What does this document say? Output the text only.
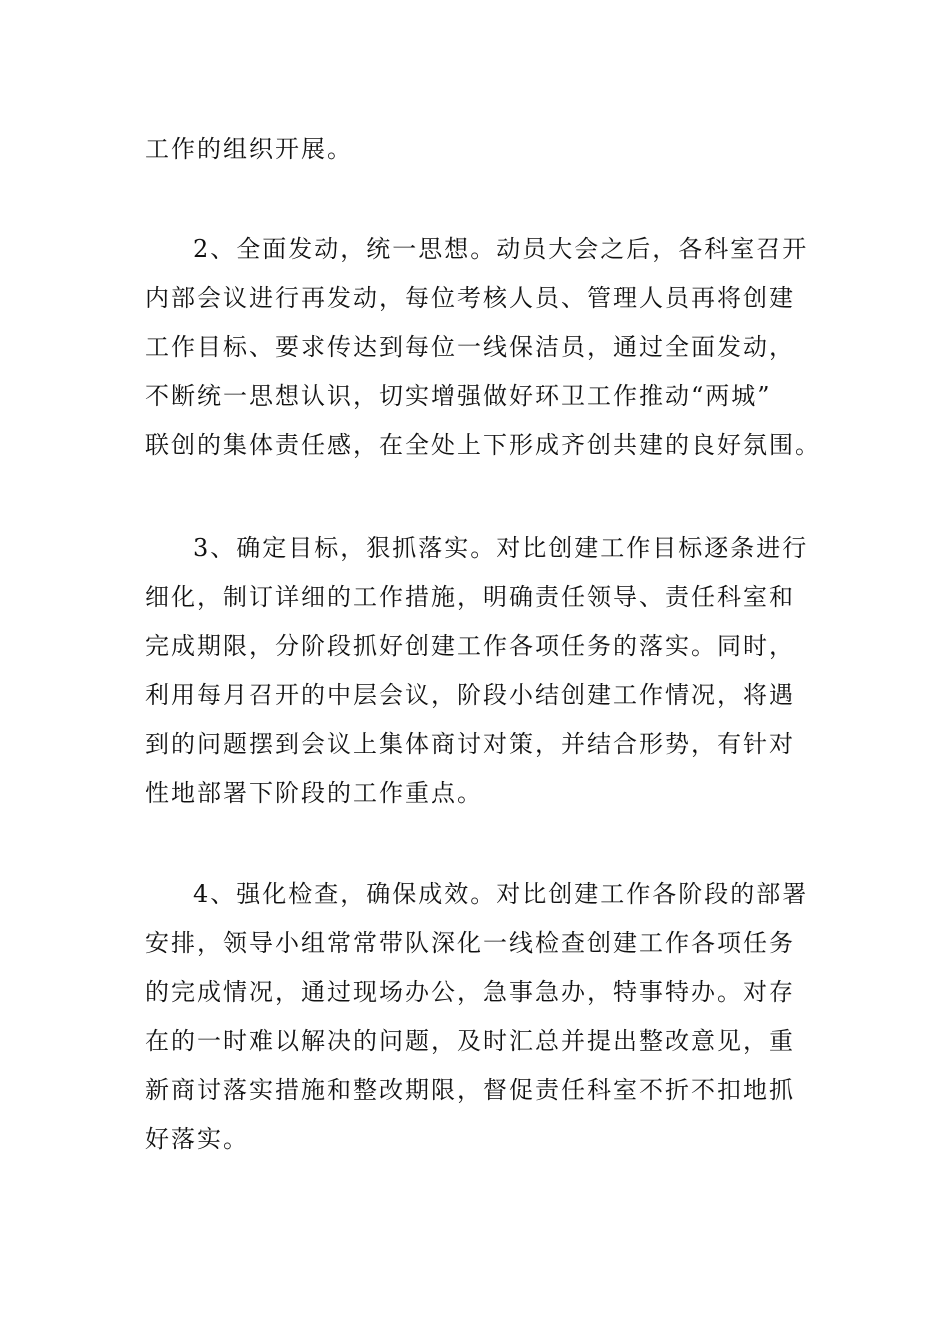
工作的组织开展。
2、全面发动，统一思想。动员大会之后，各科室召开
内部会议进行再发动，每位考核人员、管理人员再将创建
工作目标、要求传达到每位一线保洁员，通过全面发动，
不断统一思想认识，切实增强做好环卫工作推动“两城”
联创的集体责任感，在全处上下形成齐创共建的良好氛围。
3、确定目标，狠抓落实。对比创建工作目标逐条进行
细化，制订详细的工作措施，明确责任领导、责任科室和
完成期限，分阶段抓好创建工作各项任务的落实。同时，
利用每月召开的中层会议，阶段小结创建工作情况，将遇
到的问题摆到会议上集体商讨对策，并结合形势，有针对
性地部署下阶段的工作重点。
4、强化检查，确保成效。对比创建工作各阶段的部署
安排，领导小组常常带队深化一线检查创建工作各项任务
的完成情况，通过现场办公，急事急办，特事特办。对存
在的一时难以解决的问题，及时汇总并提出整改意见，重
新商讨落实措施和整改期限，督促责任科室不折不扣地抓
好落实。
